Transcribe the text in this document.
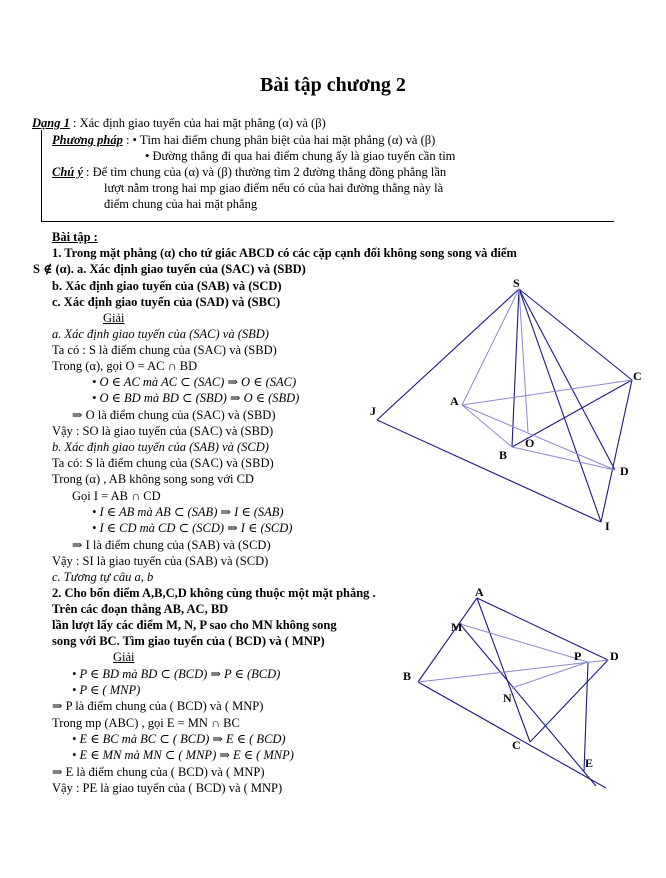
Bài tập chương 2
Dạng 1 : Xác định giao tuyến của hai mặt phẳng (α) và (β)
Phương pháp : • Tìm hai điểm chung phân biệt của hai mặt phẳng (α) và (β)
• Đường thẳng đi qua hai điểm chung ấy là giao tuyến cần tìm
Chú ý : Để tìm chung của (α) và (β) thường tìm 2 đường thẳng đồng phẳng lần
lượt nằm trong hai mp giao điểm nếu có của hai đường thẳng này là
điểm chung của hai mặt phẳng
Bài tập :
1. Trong mặt phẳng (α) cho tứ giác ABCD có các cặp cạnh đối không song song và điểm
S ∉ (α). a. Xác định giao tuyến của (SAC) và (SBD)
b. Xác định giao tuyến của (SAB) và (SCD)
c. Xác định giao tuyến của (SAD) và (SBC)
Giải
a. Xác định giao tuyến của (SAC) và (SBD)
Ta có : S là điểm chung của (SAC) và (SBD)
Trong (α), gọi O = AC ∩ BD
• O ∈ AC mà AC ⊂ (SAC) ⇒ O ∈ (SAC)
• O ∈ BD mà BD ⊂ (SBD) ⇒ O ∈ (SBD)
⇒ O là điểm chung của (SAC) và (SBD)
Vậy : SO là giao tuyến của (SAC) và (SBD)
b. Xác định giao tuyến của (SAB) và (SCD)
Ta có: S là điểm chung của (SAC) và (SBD)
Trong (α) , AB không song song với CD
Gọi I = AB ∩ CD
• I ∈ AB mà AB ⊂ (SAB) ⇒ I ∈ (SAB)
• I ∈ CD mà CD ⊂ (SCD) ⇒ I ∈ (SCD)
⇒ I là điểm chung của (SAB) và (SCD)
Vậy : SI là giao tuyến của (SAB) và (SCD)
c. Tương tự câu a, b
2. Cho bốn điểm A,B,C,D không cùng thuộc một mặt phẳng .
Trên các đoạn thẳng AB, AC, BD
lần lượt lấy các điểm M, N, P sao cho MN không song
song với BC. Tìm giao tuyến của ( BCD) và ( MNP)
Giải
• P ∈ BD mà BD ⊂ (BCD) ⇒ P ∈ (BCD)
• P ∈ ( MNP)
⇒ P là điểm chung của ( BCD) và ( MNP)
Trong mp (ABC) , gọi E = MN ∩ BC
• E ∈ BC mà BC ⊂ ( BCD) ⇒ E ∈ ( BCD)
• E ∈ MN mà MN ⊂ ( MNP) ⇒ E ∈ ( MNP)
⇒ E là điểm chung của ( BCD) và ( MNP)
Vậy : PE là giao tuyến của ( BCD) và ( MNP)
S
A
B
C
D
O
I
J
A
B
C
D
M
N
P
E
